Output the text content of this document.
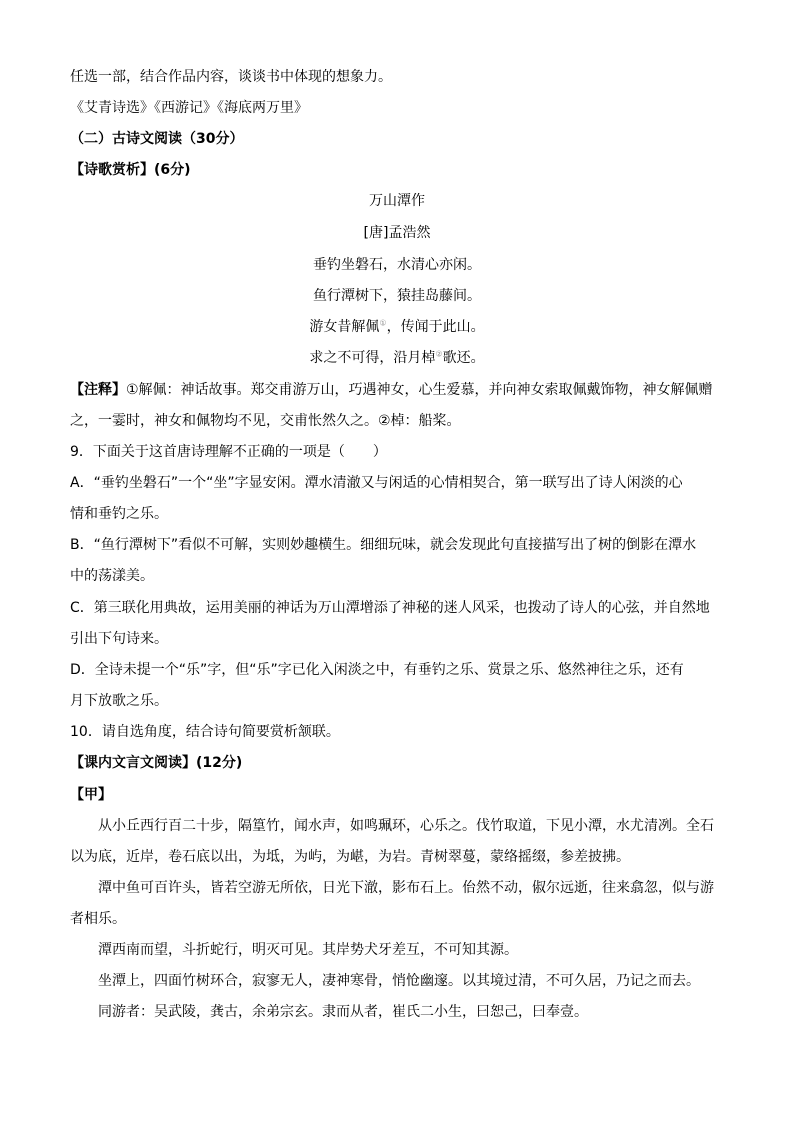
任选一部，结合作品内容，谈谈书中体现的想象力。
《艾青诗选》《西游记》《海底两万里》
（二）古诗文阅读（30分）
【诗歌赏析】(6分)
万山潭作
[唐]孟浩然
垂钓坐磐石，水清心亦闲。
鱼行潭树下，猿挂岛藤间。
游女昔解佩①，传闻于此山。
求之不可得，沿月棹②歌还。
【注释】①解佩：神话故事。郑交甫游万山，巧遇神女，心生爱慕，并向神女索取佩戴饰物，神女解佩赠
之，一霎时，神女和佩物均不见，交甫怅然久之。②棹：船桨。
9．下面关于这首唐诗理解不正确的一项是（　　）
A．“垂钓坐磐石”一个“坐”字显安闲。潭水清澈又与闲适的心情相契合，第一联写出了诗人闲淡的心
情和垂钓之乐。
B．“鱼行潭树下”看似不可解，实则妙趣横生。细细玩味，就会发现此句直接描写出了树的倒影在潭水
中的荡漾美。
C．第三联化用典故，运用美丽的神话为万山潭增添了神秘的迷人风采，也拨动了诗人的心弦，并自然地
引出下句诗来。
D．全诗未提一个“乐”字，但“乐”字已化入闲淡之中，有垂钓之乐、赏景之乐、悠然神往之乐，还有
月下放歌之乐。
10．请自选角度，结合诗句简要赏析颔联。
【课内文言文阅读】(12分)
【甲】
从小丘西行百二十步，隔篁竹，闻水声，如鸣珮环，心乐之。伐竹取道，下见小潭，水尤清冽。全石
以为底，近岸，卷石底以出，为坻，为屿，为嵁，为岩。青树翠蔓，蒙络摇缀，参差披拂。
潭中鱼可百许头，皆若空游无所依，日光下澈，影布石上。佁然不动，俶尔远逝，往来翕忽，似与游
者相乐。
潭西南而望，斗折蛇行，明灭可见。其岸势犬牙差互，不可知其源。
坐潭上，四面竹树环合，寂寥无人，凄神寒骨，悄怆幽邃。以其境过清，不可久居，乃记之而去。
同游者：吴武陵，龚古，余弟宗玄。隶而从者，崔氏二小生，曰恕己，曰奉壹。
